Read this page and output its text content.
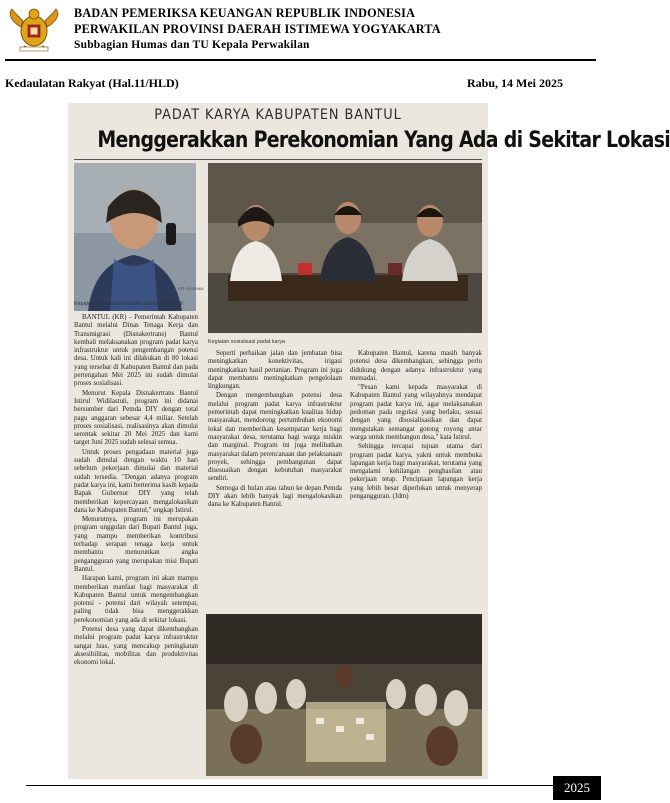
BADAN PEMERIKSA KEUANGAN REPUBLIK INDONESIA
PERWAKILAN PROVINSI DAERAH ISTIMEWA YOGYAKARTA
Subbagian Humas dan TU Kepala Perwakilan
Kedaulatan Rakyat (Hal.11/HLD)	Rabu, 14 Mei 2025
PADAT KARYA KABUPATEN BANTUL
Menggerakkan Perekonomian Yang Ada di Sekitar Lokasi
KR-Istimewa
Kepala Disnakertrans Bantul Istirul Widilastuti
KR-Istimewa
Kegiatan sosialisasi padat karya

BANTUL (KR) - Pemerintah Kabupaten Bantul melalui Dinas Tenaga Kerja dan Transmigrasi (Disnakertrans) Bantul kembali melaksanakan program padat karya infrastruktur untuk pengembangan potensi desa. Untuk kali ini dilakukan di 80 lokasi yang tersebar di Kabupaten Bantul dan pada pertengahan Mei 2025 ini sudah dimulai proses sosialisasi.

Menurut Kepala Disnakertrans Bantul Istirul Widilastuti, program ini didanai bersumber dari Pemda DIY dengan total pagu anggaran sebesar 4,4 miliar. Setelah proses sosialisasi, realisasinya akan dimulai serentak sekitar 20 Mei 2025 dan kami target Juni 2025 sudah selesai semua.

Untuk proses pengadaan material juga sudah dimulai dengan waktu 10 hari sebelum pekerjaan dimulai dan material sudah tersedia. "Dengan adanya program padat karya ini, kami berterima kasih kepada Bapak Gubernur DIY yang telah memberikan kepercayaan mengalokasikan dana ke Kabupaten Bantul," ungkap Istirul.

Menurutnya, program ini merupakan program unggulan dari Bupati Bantul juga, yang mampu memberikan kontribusi terhadap serapan tenaga kerja untuk membantu menurunkan angka pengangguran yang merupakan misi Bupati Bantul.

Harapan kami, program ini akan mampu memberikan manfaat bagi masyarakat di Kabupaten Bantul untuk mengembangkan potensi - potensi dari wilayah setempat, paling tidak bisa menggerakkan perekonomian yang ada di sekitar lokasi.

Potensi desa yang dapat dikembangkan melalui program padat karya infrastruktur sangat luas, yang mencakup peningkatan aksesibilitas, mobilitas dan produktivitas ekonomi lokal.

Seperti perbaikan jalan dan jembatan bisa meningkatkan konektivitas, irigasi meningkatkan hasil pertanian. Program ini juga dapat membantu meningkatkan pengelolaan lingkungan.

Dengan mengembangkan potensi desa melalui program padat karya infrastruktur pemerintah dapat meningkatkan kualitas hidup masyarakat, mendorong pertumbuhan ekonomi lokal dan memberikan kesempatan kerja bagi masyarakat desa, terutama bagi warga miskin dan marginal. Program ini juga melibatkan masyarakat dalam perencanaan dan pelaksanaan proyek, sehingga pembangunan dapat disesuaikan dengan kebutuhan masyarakat sendiri.

Semoga di bulan atau tahun ke depan Pemda DIY akan lebih banyak lagi mengalokasikan dana ke Kabupaten Bantul.

Kabupaten Bantul, karena masih banyak potensi desa dikembangkan, sehingga perlu didukung dengan adanya infrastruktur yang memadai.

"Pesan kami kepada masyarakat di Kabupaten Bantul yang wilayahnya mendapat program padat karya ini, agar melaksanakan pedoman pada regulasi yang berlaku, sesuai dengan yang disosialisasikan dan dapat mengutakan semangat gotong royong antar warga untuk membangun desa," kata Istirul.

Sehingga tercapai tujuan utama dari program padat karya, yakni untuk membuka lapangan kerja bagi masyarakat, terutama yang mengalami kehilangan penghasilan atau pekerjaan tetap. Penciptaan lapangan kerja yang lebih besar diperlukan untuk menyerap pengangguran. (Jdm)

2025
